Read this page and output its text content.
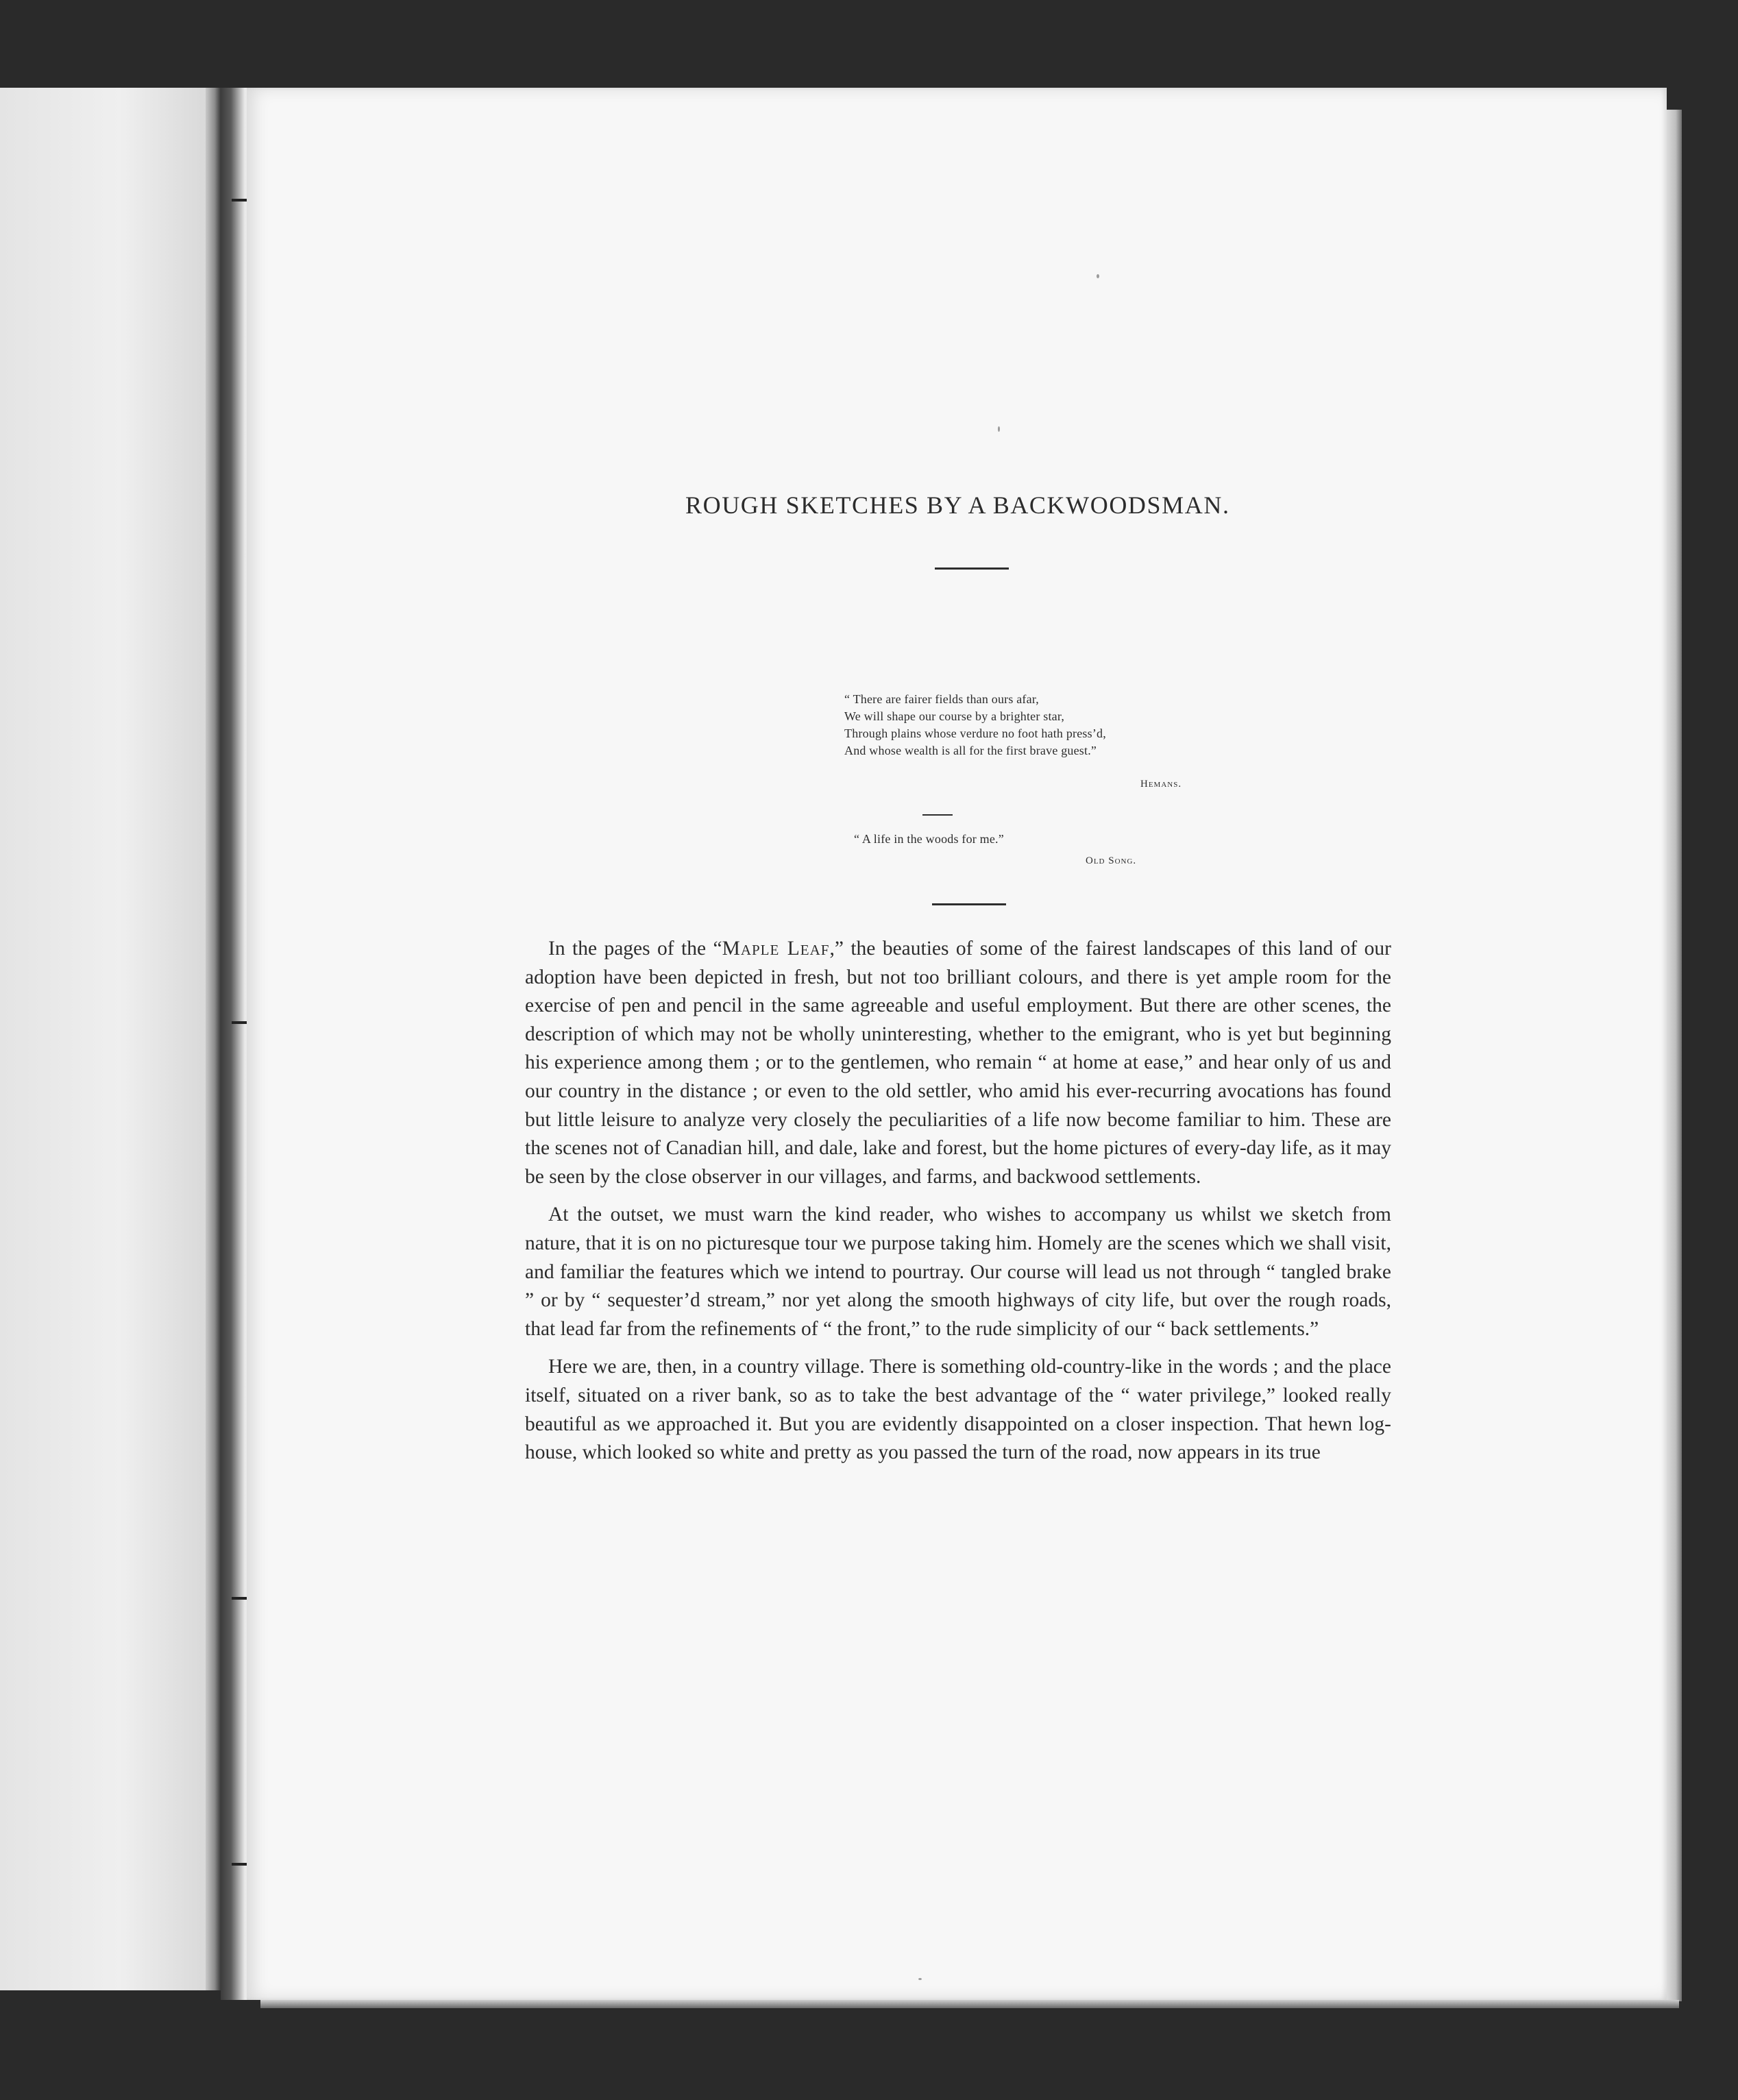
ROUGH SKETCHES BY A BACKWOODSMAN.
“ There are fairer fields than ours afar,
We will shape our course by a brighter star,
Through plains whose verdure no foot hath press’d,
And whose wealth is all for the first brave guest.”
Hemans.
“ A life in the woods for me.”
Old Song.

In the pages of the “Maple Leaf,” the beauties of some of the fairest landscapes of this land of our adoption have been depicted in fresh, but not too brilliant colours, and there is yet ample room for the exercise of pen and pencil in the same agreeable and useful employment. But there are other scenes, the description of which may not be wholly uninteresting, whether to the emigrant, who is yet but beginning his experience among them ; or to the gentlemen, who remain “ at home at ease,” and hear only of us and our country in the distance ; or even to the old settler, who amid his ever-recurring avocations has found but little leisure to analyze very closely the peculiarities of a life now become familiar to him. These are the scenes not of Canadian hill, and dale, lake and forest, but the home pictures of every-day life, as it may be seen by the close observer in our villages, and farms, and backwood settlements.

At the outset, we must warn the kind reader, who wishes to accompany us whilst we sketch from nature, that it is on no picturesque tour we purpose taking him. Homely are the scenes which we shall visit, and familiar the features which we intend to pourtray. Our course will lead us not through “ tangled brake ” or by “ sequester’d stream,” nor yet along the smooth highways of city life, but over the rough roads, that lead far from the refinements of “ the front,” to the rude simplicity of our “ back settlements.”

Here we are, then, in a country village. There is something old-country-like in the words ; and the place itself, situated on a river bank, so as to take the best advantage of the “ water privilege,” looked really beautiful as we approached it. But you are evidently disappointed on a closer inspection. That hewn log-house, which looked so white and pretty as you passed the turn of the road, now appears in its true
